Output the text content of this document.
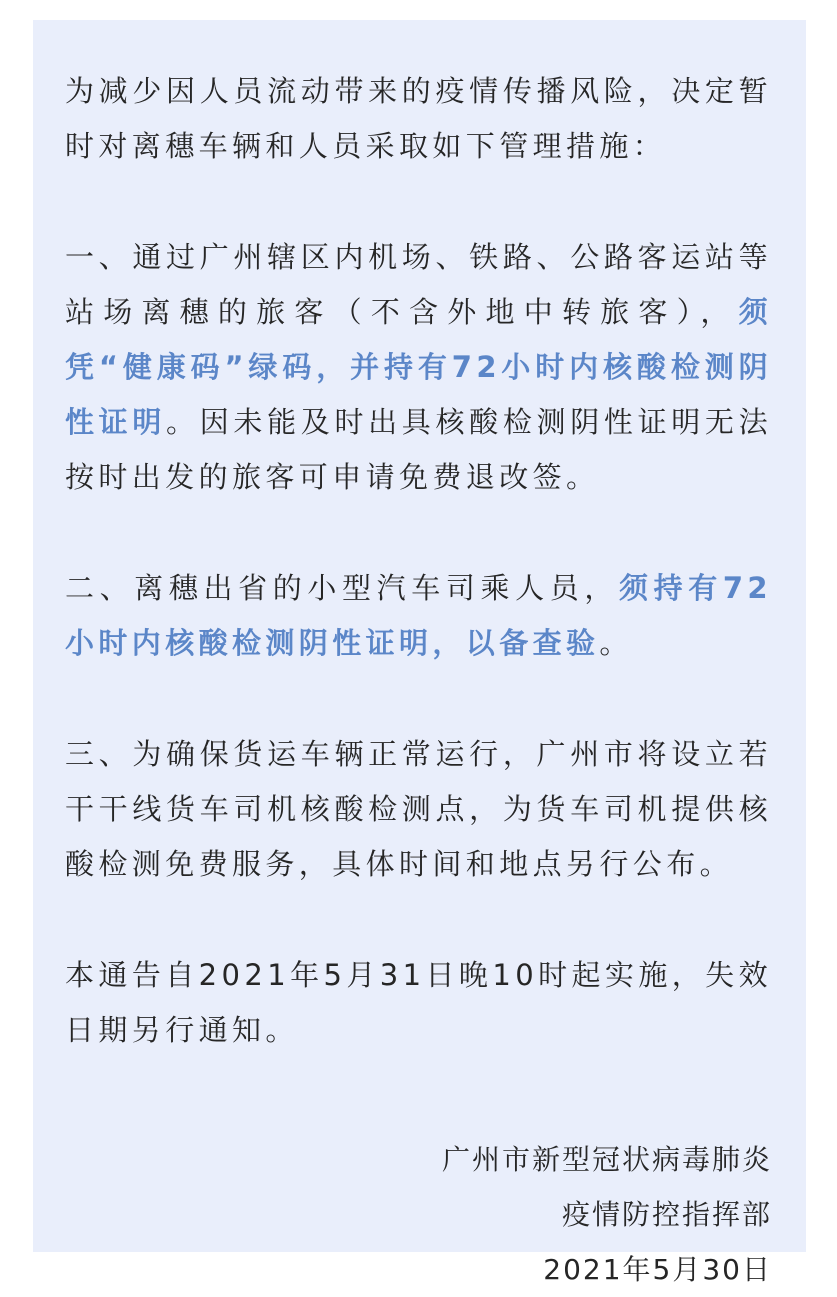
为减少因人员流动带来的疫情传播风险，决定暂时对离穗车辆和人员采取如下管理措施：

一、通过广州辖区内机场、铁路、公路客运站等站场离穗的旅客（不含外地中转旅客），须凭“健康码”绿码，并持有72小时内核酸检测阴性证明。因未能及时出具核酸检测阴性证明无法按时出发的旅客可申请免费退改签。

二、离穗出省的小型汽车司乘人员，须持有72小时内核酸检测阴性证明，以备查验。

三、为确保货运车辆正常运行，广州市将设立若干干线货车司机核酸检测点，为货车司机提供核酸检测免费服务，具体时间和地点另行公布。

本通告自2021年5月31日晚10时起实施，失效日期另行通知。

广州市新型冠状病毒肺炎
疫情防控指挥部
2021年5月30日
